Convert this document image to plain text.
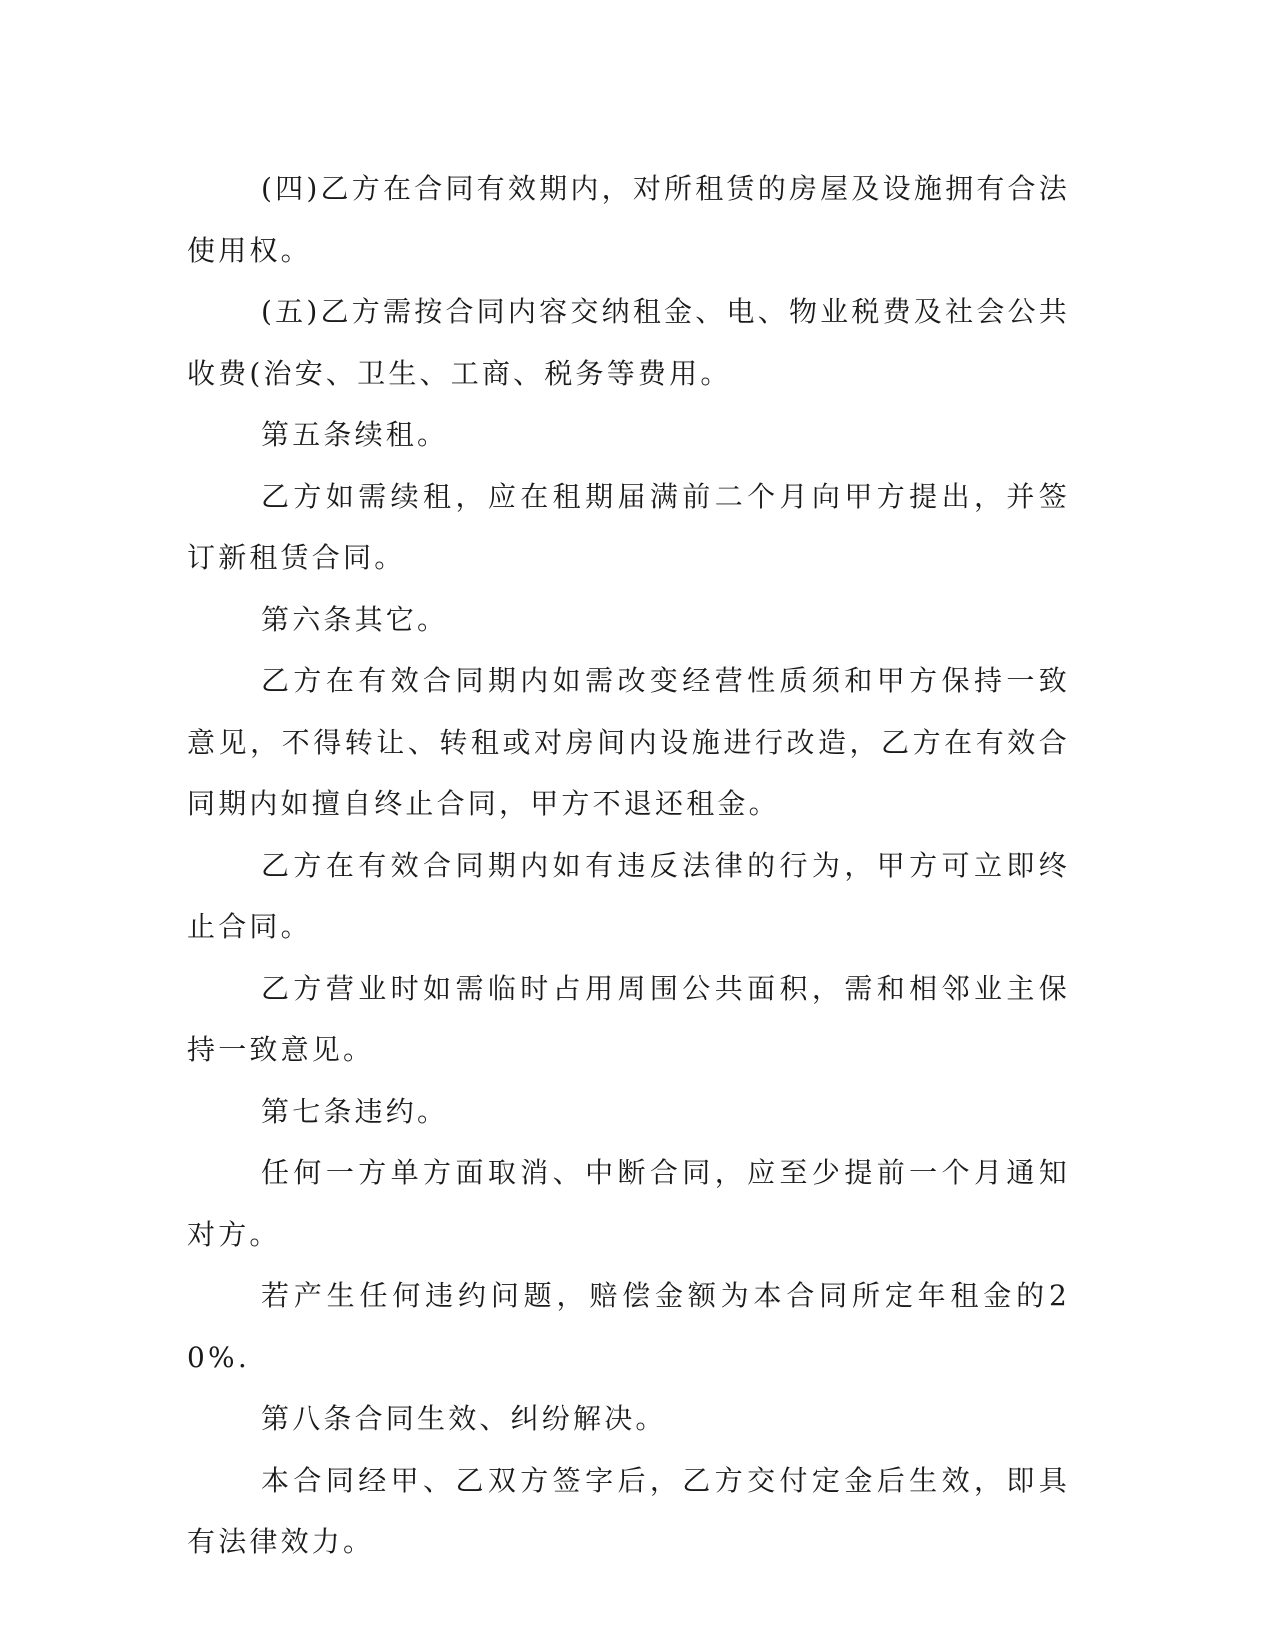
(四)乙方在合同有效期内，对所租赁的房屋及设施拥有合法使用权。

(五)乙方需按合同内容交纳租金、电、物业税费及社会公共收费(治安、卫生、工商、税务等费用。

第五条续租。

乙方如需续租，应在租期届满前二个月向甲方提出，并签订新租赁合同。

第六条其它。

乙方在有效合同期内如需改变经营性质须和甲方保持一致意见，不得转让、转租或对房间内设施进行改造，乙方在有效合同期内如擅自终止合同，甲方不退还租金。

乙方在有效合同期内如有违反法律的行为，甲方可立即终止合同。

乙方营业时如需临时占用周围公共面积，需和相邻业主保持一致意见。

第七条违约。

任何一方单方面取消、中断合同，应至少提前一个月通知对方。

若产生任何违约问题，赔偿金额为本合同所定年租金的20%.

第八条合同生效、纠纷解决。

本合同经甲、乙双方签字后，乙方交付定金后生效，即具有法律效力。
